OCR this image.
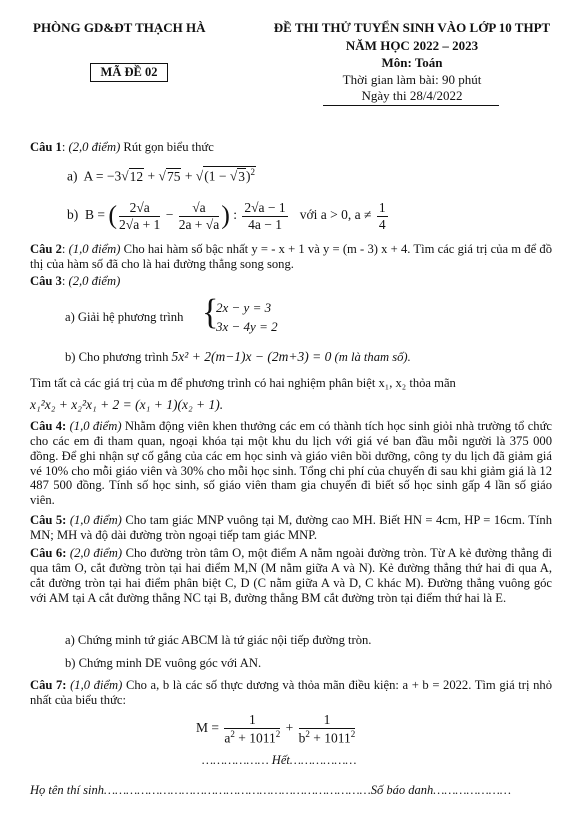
PHÒNG GD&ĐT THẠCH HÀ
MÃ ĐỀ 02
ĐỀ THI THỬ TUYỂN SINH VÀO LỚP 10 THPT
NĂM HỌC 2022 – 2023
Môn: Toán
Thời gian làm bài: 90 phút
Ngày thi 28/4/2022
Câu 1: (2,0 điểm) Rút gọn biểu thức
a)  $A = -3√12 + √75 + √(1 - √3)^2$
b)  B = ( $\frac{2√a}{2√a + 1} - \frac{√a}{2a + √a}$ ) : $\frac{2√a - 1}{4a - 1}$ với a > 0, $a \ne \frac{1}{4}$
Câu 2: (1,0 điểm) Cho hai hàm số bậc nhất y = - x + 1 và y = (m - 3) x + 4. Tìm các giá trị của m để đồ thị của hàm số đã cho là hai đường thẳng song song.
Câu 3: (2,0 điểm)
a) Giải hệ phương trình {
2x − y = 3
3x − 4y = 2
b) Cho phương trình 5x² + 2(m−1)x − (2m+3) = 0 (m là tham số).
Tìm tất cả các giá trị của m để phương trình có hai nghiệm phân biệt x₁, x₂ thỏa mãn
x₁²x₂ + x₂²x₁ + 2 = (x₁ + 1)(x₂ + 1).
Câu 4: (1,0 điểm) Nhằm động viên khen thưởng các em có thành tích học sinh giỏi nhà trường tổ chức cho các em đi tham quan, ngoại khóa tại một khu du lịch với giá vé ban đầu mỗi người là 375 000 đồng. Để ghi nhận sự cố gắng của các em học sinh và giáo viên bồi dưỡng, công ty du lịch đã giảm giá vé 10% cho mỗi giáo viên và 30% cho mỗi học sinh. Tổng chi phí của chuyến đi sau khi giảm giá là 12 487 500 đồng. Tính số học sinh, số giáo viên tham gia chuyến đi biết số học sinh gấp 4 lần số giáo viên.
Câu 5: (1,0 điểm) Cho tam giác MNP vuông tại M, đường cao MH. Biết HN = 4cm, HP = 16cm. Tính MN; MH và độ dài đường tròn ngoại tiếp tam giác MNP.
Câu 6: (2,0 điểm) Cho đường tròn tâm O, một điểm A nằm ngoài đường tròn. Từ A kẻ đường thẳng đi qua tâm O, cắt đường tròn tại hai điểm M,N (M nằm giữa A và N). Kẻ đường thẳng thứ hai đi qua A, cắt đường tròn tại hai điểm phân biệt C, D (C nằm giữa A và D, C khác M). Đường thẳng vuông góc với AM tại A cắt đường thẳng NC tại B, đường thẳng BM cắt đường tròn tại điểm thứ hai là E.
a) Chứng minh tứ giác ABCM là tứ giác nội tiếp đường tròn.
b) Chứng minh DE vuông góc với AN.
Câu 7: (1,0 điểm) Cho a, b là các số thực dương và thỏa mãn điều kiện: a + b = 2022. Tìm giá trị nhỏ nhất của biểu thức:
$M = \frac{1}{a^2 + 1011^2} + \frac{1}{b^2 + 1011^2}$
……………… Hết………………
Họ tên thí sinh………………………………………………………………Số báo danh…………………
